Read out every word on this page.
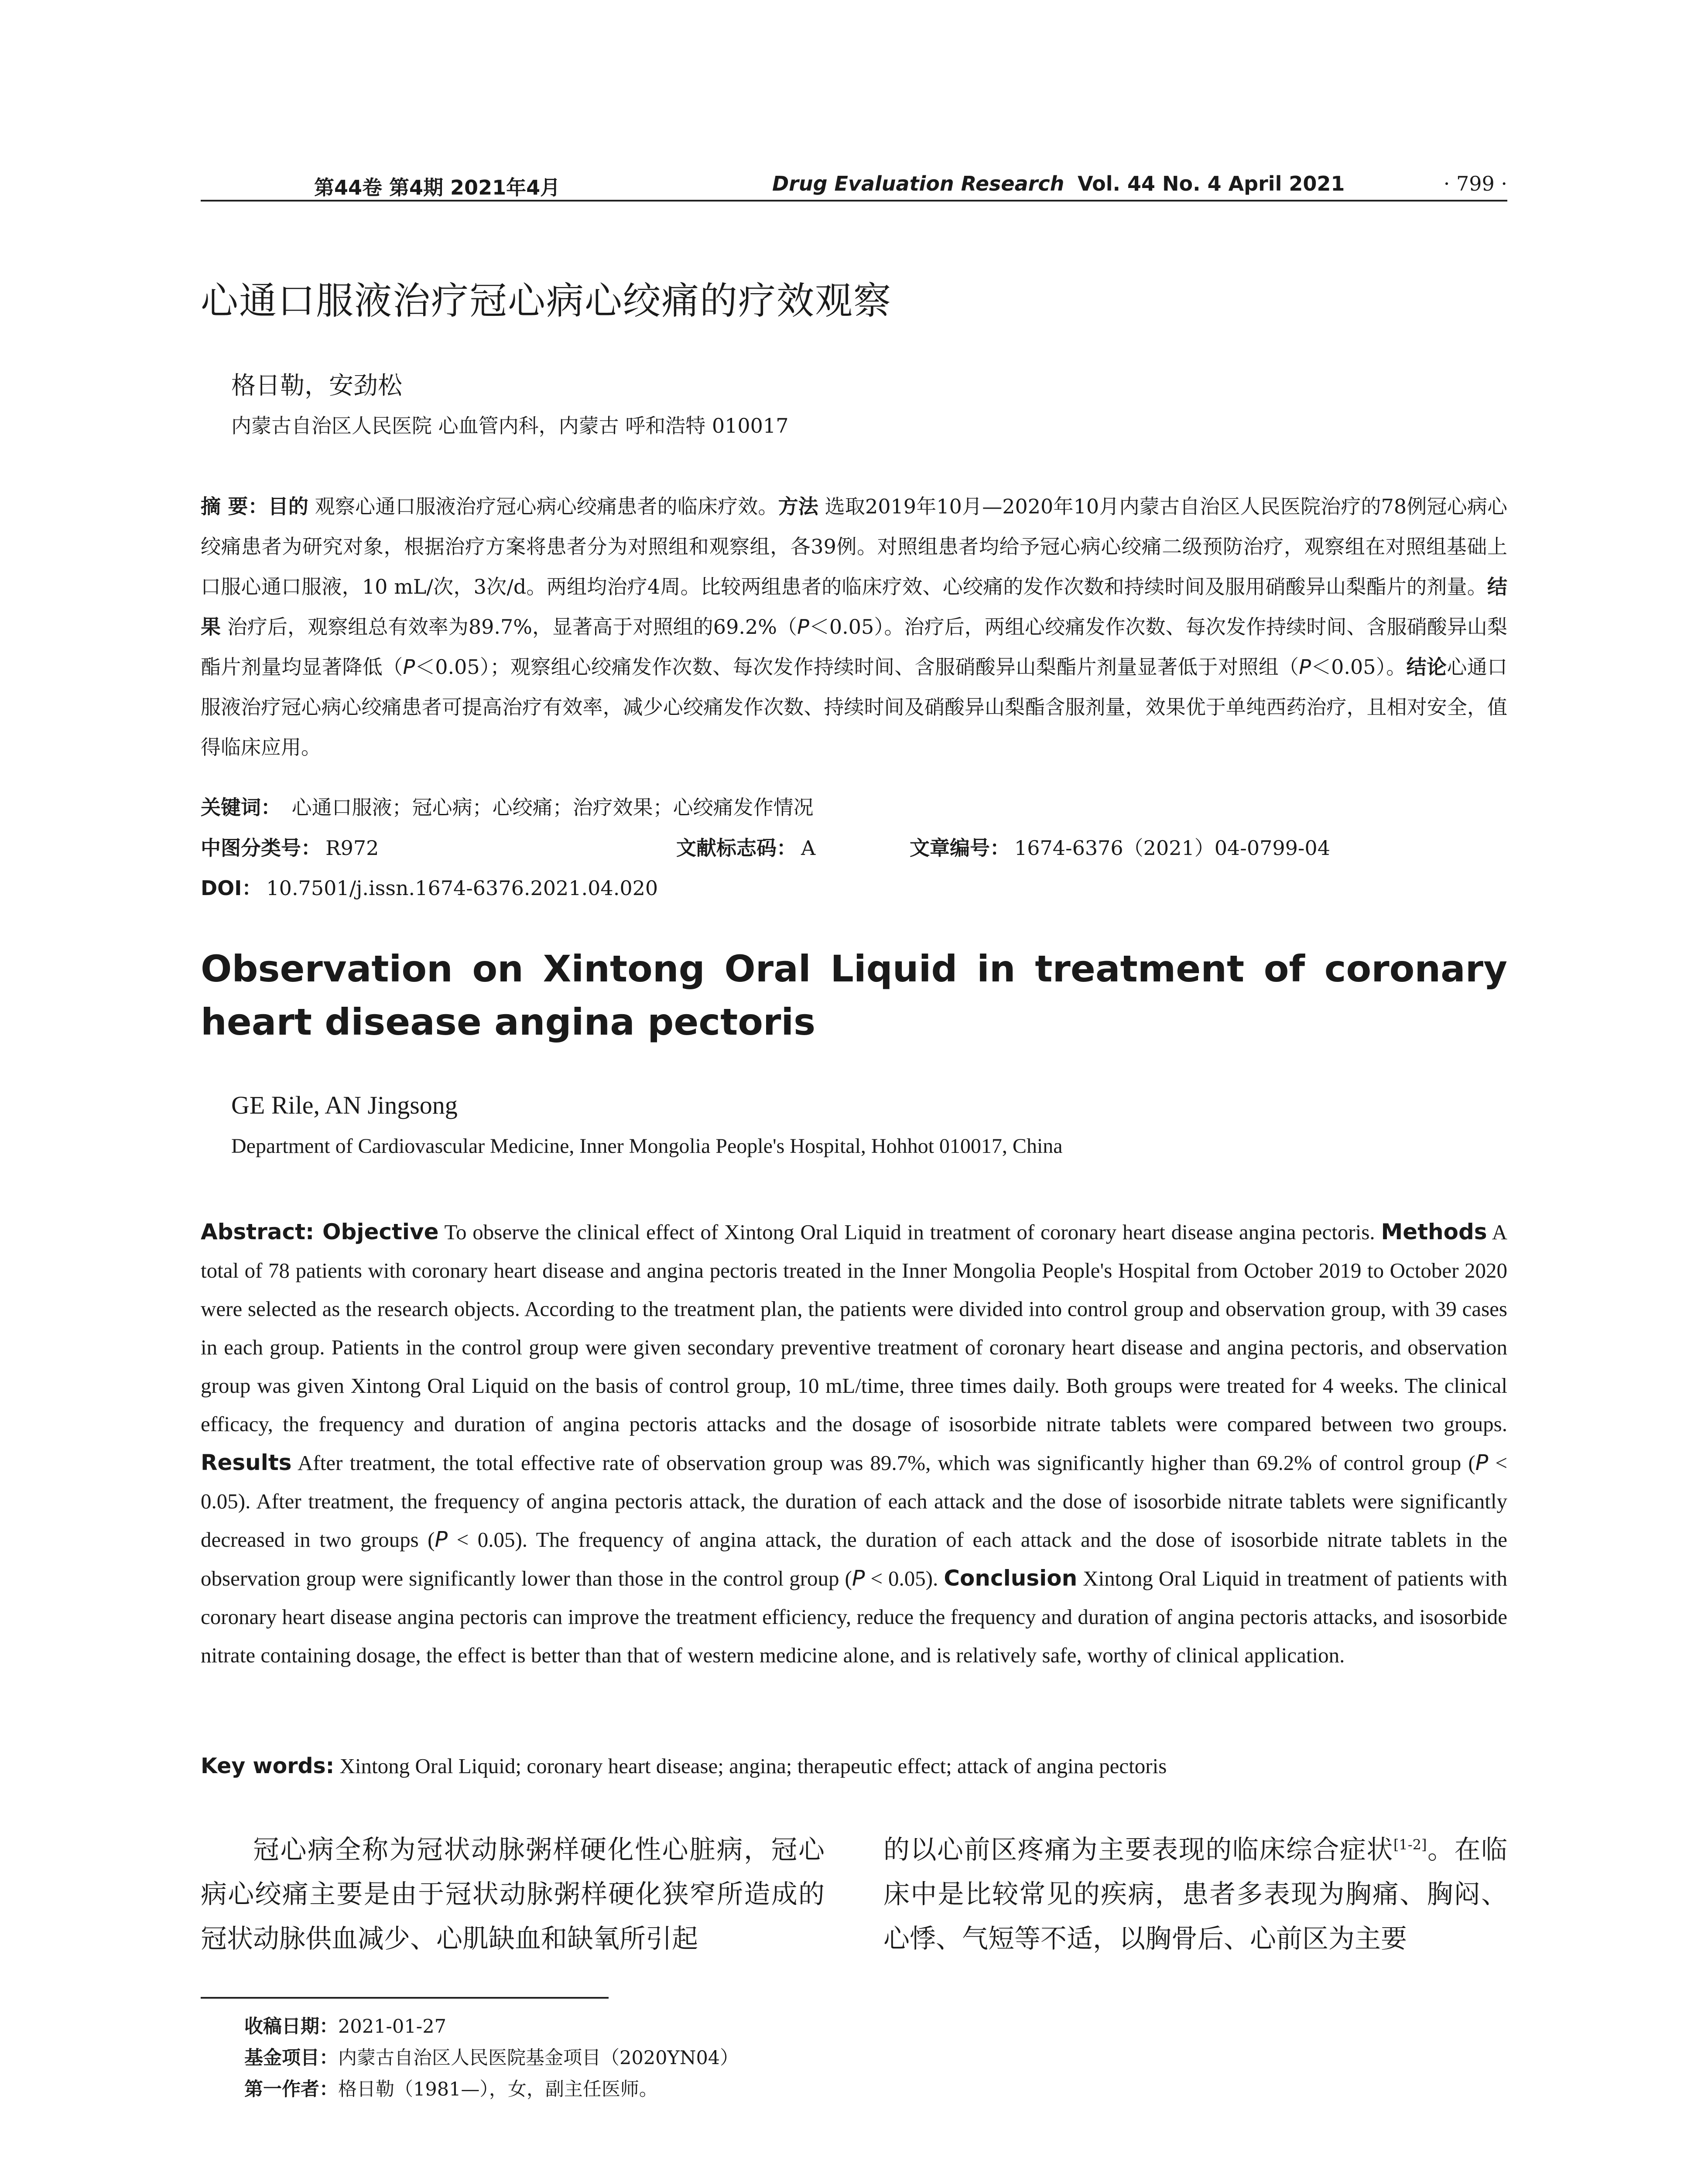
第44卷 第4期 2021年4月	Drug Evaluation Research Vol. 44 No. 4 April 2021	· 799 ·
心通口服液治疗冠心病心绞痛的疗效观察
格日勒，安劲松
内蒙古自治区人民医院 心血管内科，内蒙古 呼和浩特 010017
摘 要：目的 观察心通口服液治疗冠心病心绞痛患者的临床疗效。方法 选取2019年10月—2020年10月内蒙古自治区人民医院治疗的78例冠心病心绞痛患者为研究对象，根据治疗方案将患者分为对照组和观察组，各39例。对照组患者均给予冠心病心绞痛二级预防治疗，观察组在对照组基础上口服心通口服液，10 mL/次，3次/d。两组均治疗4周。比较两组患者的临床疗效、心绞痛的发作次数和持续时间及服用硝酸异山梨酯片的剂量。结果 治疗后，观察组总有效率为89.7%，显著高于对照组的69.2%（P＜0.05）。治疗后，两组心绞痛发作次数、每次发作持续时间、含服硝酸异山梨酯片剂量均显著降低（P＜0.05）；观察组心绞痛发作次数、每次发作持续时间、含服硝酸异山梨酯片剂量显著低于对照组（P＜0.05）。结论心通口服液治疗冠心病心绞痛患者可提高治疗有效率，减少心绞痛发作次数、持续时间及硝酸异山梨酯含服剂量，效果优于单纯西药治疗，且相对安全，值得临床应用。
关键词： 心通口服液；冠心病；心绞痛；治疗效果；心绞痛发作情况
中图分类号： R972	文献标志码： A	文章编号： 1674-6376（2021）04-0799-04
DOI： 10.7501/j.issn.1674-6376.2021.04.020
Observation on Xintong Oral Liquid in treatment of coronary heart disease angina pectoris
GE Rile, AN Jingsong
Department of Cardiovascular Medicine, Inner Mongolia People's Hospital, Hohhot 010017, China
Abstract: Objective To observe the clinical effect of Xintong Oral Liquid in treatment of coronary heart disease angina pectoris. Methods A total of 78 patients with coronary heart disease and angina pectoris treated in the Inner Mongolia People's Hospital from October 2019 to October 2020 were selected as the research objects. According to the treatment plan, the patients were divided into control group and observation group, with 39 cases in each group. Patients in the control group were given secondary preventive treatment of coronary heart disease and angina pectoris, and observation group was given Xintong Oral Liquid on the basis of control group, 10 mL/time, three times daily. Both groups were treated for 4 weeks. The clinical efficacy, the frequency and duration of angina pectoris attacks and the dosage of isosorbide nitrate tablets were compared between two groups. Results After treatment, the total effective rate of observation group was 89.7%, which was significantly higher than 69.2% of control group (P < 0.05). After treatment, the frequency of angina pectoris attack, the duration of each attack and the dose of isosorbide nitrate tablets were significantly decreased in two groups (P < 0.05). The frequency of angina attack, the duration of each attack and the dose of isosorbide nitrate tablets in the observation group were significantly lower than those in the control group (P < 0.05). Conclusion Xintong Oral Liquid in treatment of patients with coronary heart disease angina pectoris can improve the treatment efficiency, reduce the frequency and duration of angina pectoris attacks, and isosorbide nitrate containing dosage, the effect is better than that of western medicine alone, and is relatively safe, worthy of clinical application.
Key words: Xintong Oral Liquid; coronary heart disease; angina; therapeutic effect; attack of angina pectoris
冠心病全称为冠状动脉粥样硬化性心脏病，冠心病心绞痛主要是由于冠状动脉粥样硬化狭窄所造成的冠状动脉供血减少、心肌缺血和缺氧所引起
的以心前区疼痛为主要表现的临床综合症状[1-2]。在临床中是比较常见的疾病，患者多表现为胸痛、胸闷、心悸、气短等不适，以胸骨后、心前区为主要
收稿日期：2021-01-27
基金项目：内蒙古自治区人民医院基金项目（2020YN04）
第一作者：格日勒（1981—），女，副主任医师。
